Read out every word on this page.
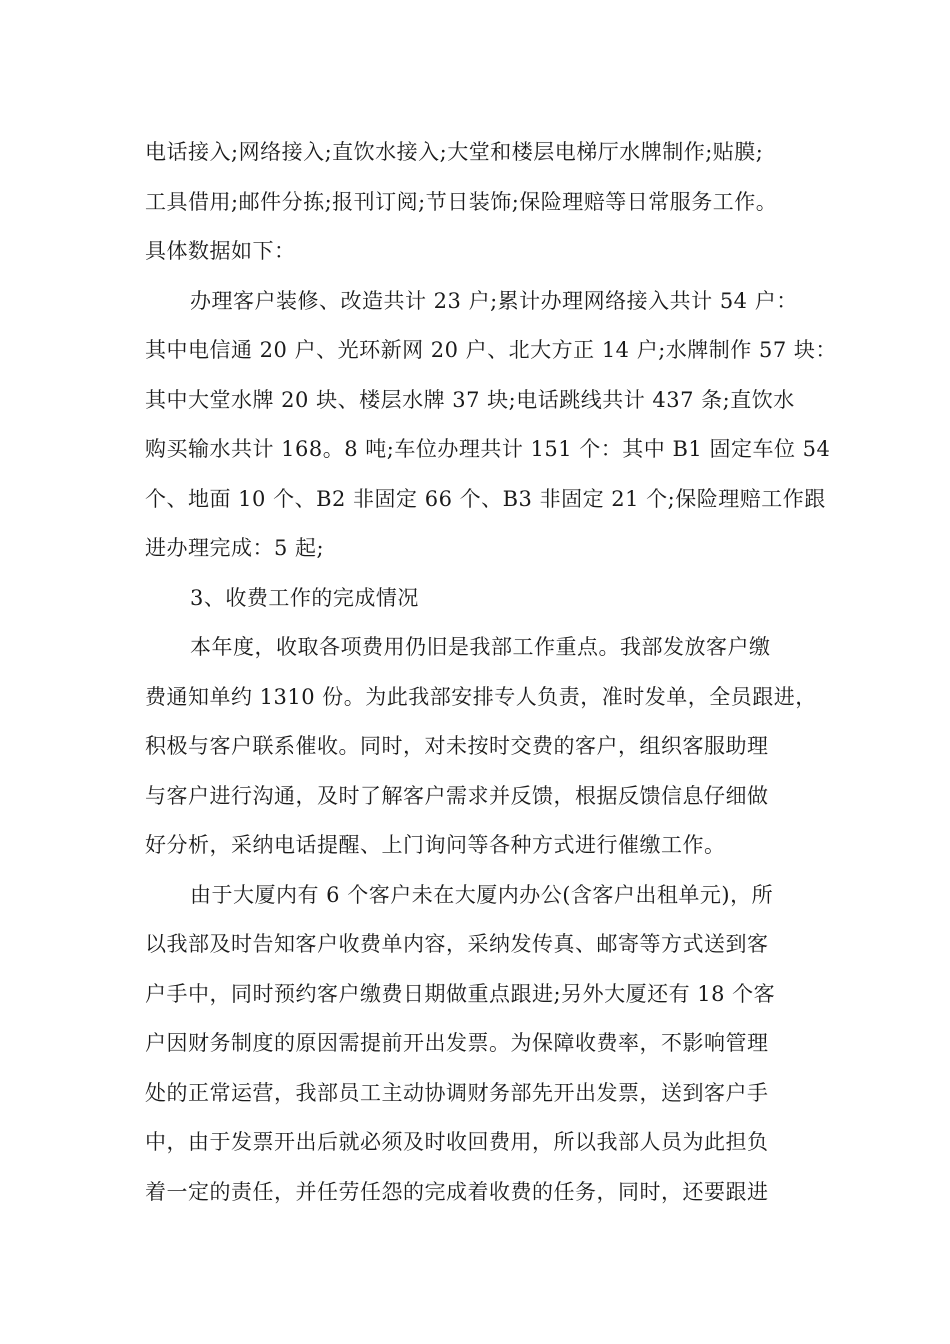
电话接入;网络接入;直饮水接入;大堂和楼层电梯厅水牌制作;贴膜;
工具借用;邮件分拣;报刊订阅;节日装饰;保险理赔等日常服务工作。
具体数据如下：
办理客户装修、改造共计 23 户;累计办理网络接入共计 54 户：
其中电信通 20 户、光环新网 20 户、北大方正 14 户;水牌制作 57 块：
其中大堂水牌 20 块、楼层水牌 37 块;电话跳线共计 437 条;直饮水
购买输水共计 168。8 吨;车位办理共计 151 个：其中 B1 固定车位 54
个、地面 10 个、B2 非固定 66 个、B3 非固定 21 个;保险理赔工作跟
进办理完成：5 起;
3、收费工作的完成情况
本年度，收取各项费用仍旧是我部工作重点。我部发放客户缴
费通知单约 1310 份。为此我部安排专人负责，准时发单，全员跟进，
积极与客户联系催收。同时，对未按时交费的客户，组织客服助理
与客户进行沟通，及时了解客户需求并反馈，根据反馈信息仔细做
好分析，采纳电话提醒、上门询问等各种方式进行催缴工作。
由于大厦内有 6 个客户未在大厦内办公(含客户出租单元)，所
以我部及时告知客户收费单内容，采纳发传真、邮寄等方式送到客
户手中，同时预约客户缴费日期做重点跟进;另外大厦还有 18 个客
户因财务制度的原因需提前开出发票。为保障收费率，不影响管理
处的正常运营，我部员工主动协调财务部先开出发票，送到客户手
中，由于发票开出后就必须及时收回费用，所以我部人员为此担负
着一定的责任，并任劳任怨的完成着收费的任务，同时，还要跟进
